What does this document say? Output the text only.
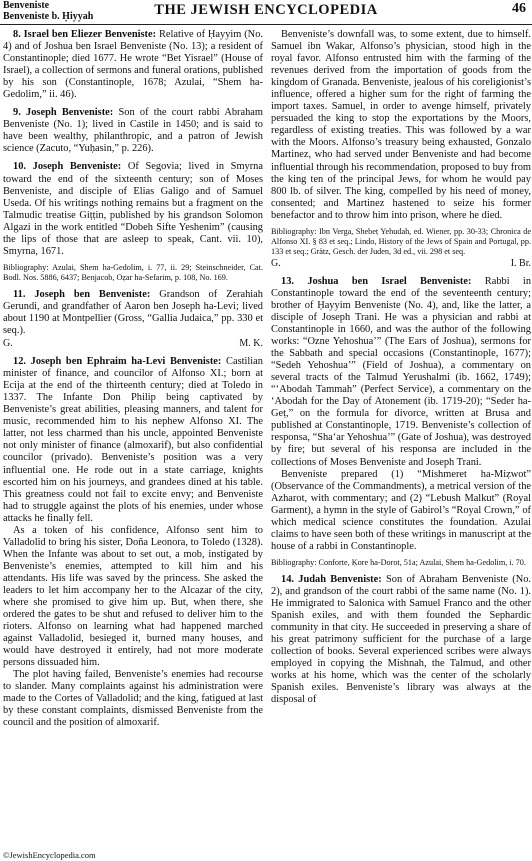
Benveniste
Benveniste b. Ḥiyyah	THE JEWISH ENCYCLOPEDIA	46

8. Israel ben Eliezer Benveniste: Relative of Ḥayyim (No. 4) and of Joshua ben Israel Benveniste (No. 13); a resident of Constantinople; died 1677. He wrote “Bet Yisrael” (House of Israel), a collection of sermons and funeral orations, published by his son (Constantinople, 1678; Azulai, “Shem ha-Gedolim,” ii. 46).

9. Joseph Benveniste: Son of the court rabbi Abraham Benveniste (No. 1); lived in Castile in 1450; and is said to have been wealthy, philanthropic, and a patron of Jewish science (Zacuto, “Yuḥasin,” p. 226).

10. Joseph Benveniste: Of Segovia; lived in Smyrna toward the end of the sixteenth century; son of Moses Benveniste, and disciple of Elias Galigo and of Samuel Useda. Of his writings nothing remains but a fragment on the Talmudic treatise Giṭṭin, published by his grandson Solomon Algazi in the work entitled “Dobeh Sifte Yeshenim” (causing the lips of those that are asleep to speak, Cant. vii. 10), Smyrna, 1671.

Bibliography: Azulai, Shem ha-Gedolim, i. 77, ii. 29; Steinschneider, Cat. Bodl. Nos. 5886, 6437; Benjacob, Oẓar ha-Sefarim, p. 108, No. 169.

11. Joseph ben Benveniste: Grandson of Zerahiah Gerundi, and grandfather of Aaron ben Joseph ha-Levi; lived about 1190 at Montpellier (Gross, “Gallia Judaica,” pp. 330 et seq.).

G.	M. K.

12. Joseph ben Ephraim ha-Levi Benveniste: Castilian minister of finance, and councilor of Alfonso XI.; born at Ecija at the end of the thirteenth century; died at Toledo in 1337. The Infante Don Philip being captivated by Benveniste’s great abilities, pleasing manners, and talent for music, recommended him to his nephew Alfonso XI. The latter, not less charmed than his uncle, appointed Benveniste not only minister of finance (almoxarif), but also confidential councilor (privado). Benveniste’s position was a very influential one. He rode out in a state carriage, knights escorted him on his journeys, and grandees dined at his table. This greatness could not fail to excite envy; and Benveniste had to struggle against the plots of his enemies, under whose attacks he finally fell.

As a token of his confidence, Alfonso sent him to Valladolid to bring his sister, Doña Leonora, to Toledo (1328). When the Infante was about to set out, a mob, instigated by Benveniste’s enemies, attempted to kill him and his attendants. His life was saved by the princess. She asked the leaders to let him accompany her to the Alcazar of the city, where she promised to give him up. But, when there, she ordered the gates to be shut and refused to deliver him to the rioters. Alfonso on learning what had happened marched against Valladolid, besieged it, burned many houses, and would have destroyed it entirely, had not more moderate persons dissuaded him.

The plot having failed, Benveniste’s enemies had recourse to slander. Many complaints against his administration were made to the Cortes of Valladolid; and the king, fatigued at last by these constant complaints, dismissed Benveniste from the council and the position of almoxarif.

Benveniste’s downfall was, to some extent, due to himself. Samuel ibn Wakar, Alfonso’s physician, stood high in the royal favor. Alfonso entrusted him with the farming of the revenues derived from the importation of goods from the kingdom of Granada. Benveniste, jealous of his coreligionist’s influence, offered a higher sum for the right of farming the import taxes. Samuel, in order to avenge himself, privately persuaded the king to stop the exportations by the Moors, regardless of existing treaties. This was followed by a war with the Moors. Alfonso’s treasury being exhausted, Gonzalo Martinez, who had served under Benveniste and had become influential through his recommendation, proposed to buy from the king ten of the principal Jews, for whom he would pay 800 lb. of silver. The king, compelled by his need of money, consented; and Martinez hastened to seize his former benefactor and to throw him into prison, where he died.

Bibliography: Ibn Verga, Shebeṭ Yehudah, ed. Wiener, pp. 30-33; Chronica de Alfonso XI. § 83 et seq.; Lindo, History of the Jews of Spain and Portugal, pp. 133 et seq.; Grätz, Gesch. der Juden, 3d ed., vii. 298 et seq.

G.	I. Br.

13. Joshua ben Israel Benveniste: Rabbi in Constantinople toward the end of the seventeenth century; brother of Ḥayyim Benveniste (No. 4), and, like the latter, a disciple of Joseph Trani. He was a physician and rabbi at Constantinople in 1660, and was the author of the following works: “Ozne Yehoshua’” (The Ears of Joshua), sermons for the Sabbath and special occasions (Constantinople, 1677); “Sedeh Yehoshua’” (Field of Joshua), a commentary on several tracts of the Talmud Yerushalmi (ib. 1662, 1749); “‘Abodah Tammah” (Perfect Service), a commentary on the ‘Abodah for the Day of Atonement (ib. 1719-20); “Seder ha-Geṭ,” on the formula for divorce, written at Brusa and published at Constantinople, 1719. Benveniste’s collection of responsa, “Sha‘ar Yehoshua’” (Gate of Joshua), was destroyed by fire; but several of his responsa are included in the collections of Moses Benveniste and Joseph Trani.

Benveniste prepared (1) “Mishmeret ha-Miẓwot” (Observance of the Commandments), a metrical version of the Azharot, with commentary; and (2) “Lebush Malkut” (Royal Garment), a hymn in the style of Gabirol’s “Royal Crown,” of which medical science constitutes the foundation. Azulai claims to have seen both of these writings in manuscript at the house of a rabbi in Constantinople.

Bibliography: Conforte, Ḳore ha-Dorot, 51a; Azulai, Shem ha-Gedolim, i. 70.

14. Judah Benveniste: Son of Abraham Benveniste (No. 2), and grandson of the court rabbi of the same name (No. 1). He immigrated to Salonica with Samuel Franco and the other Spanish exiles, and with them founded the Sephardic community in that city. He succeeded in preserving a share of his great patrimony sufficient for the purchase of a large collection of books. Several experienced scribes were always employed in copying the Mishnah, the Talmud, and other works at his home, which was the center of the scholarly Spanish exiles. Benveniste’s library was always at the disposal of

©JewishEncyclopedia.com
